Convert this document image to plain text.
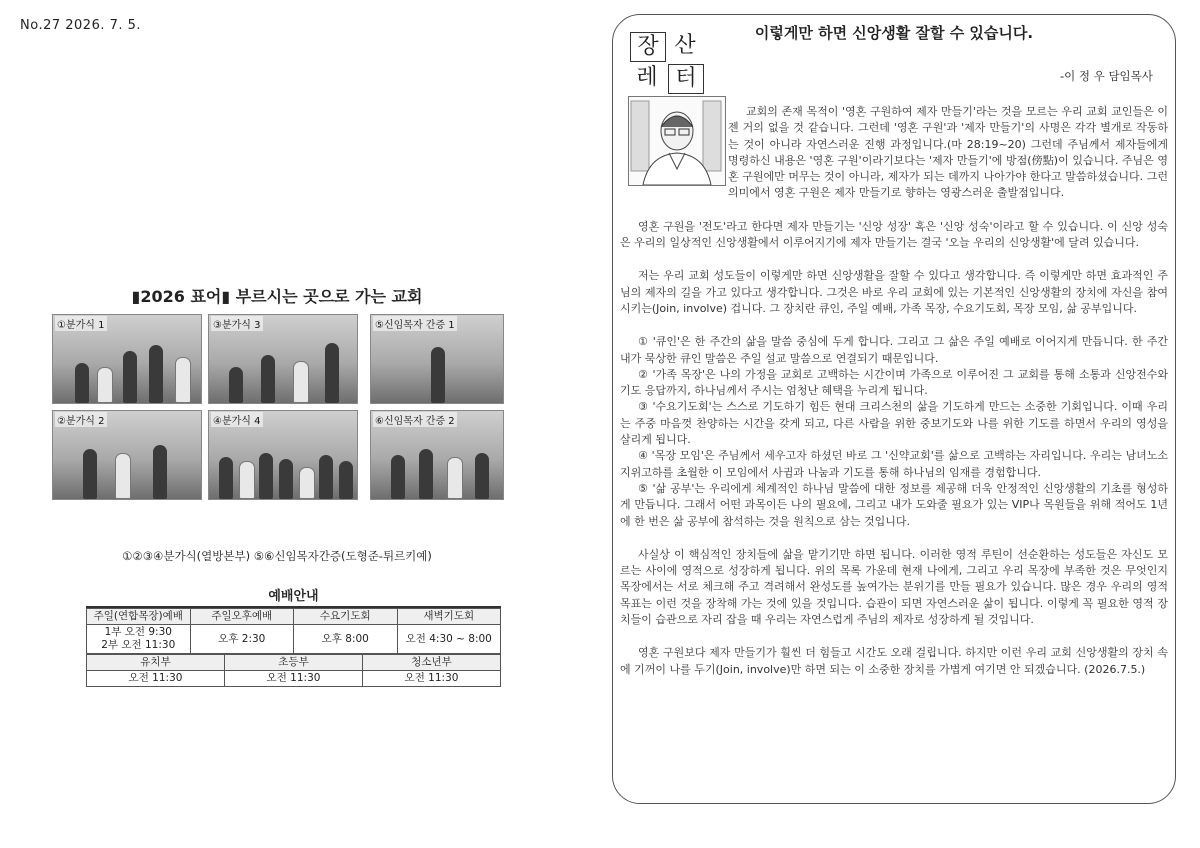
No.27 2026. 7. 5.
▮2026 표어▮ 부르시는 곳으로 가는 교회
①분가식 1	③분가식 3	⑤신임목자 간증 1
②분가식 2	④분가식 4	⑥신임목자 간증 2
①②③④분가식(열방본부) ⑤⑥신임목자간증(도형준-튀르키예)
예배안내
주일(연합목장)예배	주일오후예배	수요기도회	새벽기도회
1부 오전 9:30
2부 오전 11:30	오후 2:30	오후 8:00	오전 4:30 ~ 8:00
유치부	초등부	청소년부
오전 11:30	오전 11:30	오전 11:30
이렇게만 하면 신앙생활 잘할 수 있습니다.
-이 정 우 담임목사
장 산
레 터

교회의 존재 목적이 '영혼 구원하여 제자 만들기'라는 것을 모르는 우리 교회 교인들은 이젠 거의 없을 것 같습니다. 그런데 '영혼 구원'과 '제자 만들기'의 사명은 각각 별개로 작동하는 것이 아니라 자연스러운 진행 과정입니다.(마 28:19~20) 그런데 주님께서 제자들에게 명령하신 내용은 '영혼 구원'이라기보다는 '제자 만들기'에 방점(傍點)이 있습니다. 주님은 영혼 구원에만 머무는 것이 아니라, 제자가 되는 데까지 나아가야 한다고 말씀하셨습니다. 그런 의미에서 영혼 구원은 제자 만들기로 향하는 영광스러운 출발점입니다.

영혼 구원을 '전도'라고 한다면 제자 만들기는 '신앙 성장' 혹은 '신앙 성숙'이라고 할 수 있습니다. 이 신앙 성숙은 우리의 일상적인 신앙생활에서 이루어지기에 제자 만들기는 결국 '오늘 우리의 신앙생활'에 달려 있습니다.

저는 우리 교회 성도들이 이렇게만 하면 신앙생활을 잘할 수 있다고 생각합니다. 즉 이렇게만 하면 효과적인 주님의 제자의 길을 가고 있다고 생각합니다. 그것은 바로 우리 교회에 있는 기본적인 신앙생활의 장치에 자신을 참여시키는(Join, involve) 겁니다. 그 장치란 큐인, 주일 예배, 가족 목장, 수요기도회, 목장 모임, 삶 공부입니다.

① '큐인'은 한 주간의 삶을 말씀 중심에 두게 합니다. 그리고 그 삶은 주일 예배로 이어지게 만듭니다. 한 주간 내가 묵상한 큐인 말씀은 주일 설교 말씀으로 연결되기 때문입니다.
② '가족 목장'은 나의 가정을 교회로 고백하는 시간이며 가족으로 이루어진 그 교회를 통해 소통과 신앙전수와 기도 응답까지, 하나님께서 주시는 엄청난 혜택을 누리게 됩니다.
③ '수요기도회'는 스스로 기도하기 힘든 현대 크리스천의 삶을 기도하게 만드는 소중한 기회입니다. 이때 우리는 주중 마음껏 찬양하는 시간을 갖게 되고, 다른 사람을 위한 중보기도와 나를 위한 기도를 하면서 우리의 영성을 살리게 됩니다.
④ '목장 모임'은 주님께서 세우고자 하셨던 바로 그 '신약교회'를 삶으로 고백하는 자리입니다. 우리는 남녀노소 지위고하를 초월한 이 모임에서 사귐과 나눔과 기도를 통해 하나님의 임재를 경험합니다.
⑤ '삶 공부'는 우리에게 체계적인 하나님 말씀에 대한 정보를 제공해 더욱 안정적인 신앙생활의 기초를 형성하게 만듭니다. 그래서 어떤 과목이든 나의 필요에, 그리고 내가 도와줄 필요가 있는 VIP나 목원들을 위해 적어도 1년에 한 번은 삶 공부에 참석하는 것을 원칙으로 삼는 것입니다.

사실상 이 핵심적인 장치들에 삶을 맡기기만 하면 됩니다. 이러한 영적 루틴이 선순환하는 성도들은 자신도 모르는 사이에 영적으로 성장하게 됩니다. 위의 목록 가운데 현재 나에게, 그리고 우리 목장에 부족한 것은 무엇인지 목장에서는 서로 체크해 주고 격려해서 완성도를 높여가는 분위기를 만들 필요가 있습니다. 많은 경우 우리의 영적 목표는 이런 것을 장착해 가는 것에 있을 것입니다. 습관이 되면 자연스러운 삶이 됩니다. 이렇게 꼭 필요한 영적 장치들이 습관으로 자리 잡을 때 우리는 자연스럽게 주님의 제자로 성장하게 될 것입니다.

영혼 구원보다 제자 만들기가 훨씬 더 힘들고 시간도 오래 걸립니다. 하지만 이런 우리 교회 신앙생활의 장치 속에 기꺼이 나를 두기(Join, involve)만 하면 되는 이 소중한 장치를 가볍게 여기면 안 되겠습니다. (2026.7.5.)
